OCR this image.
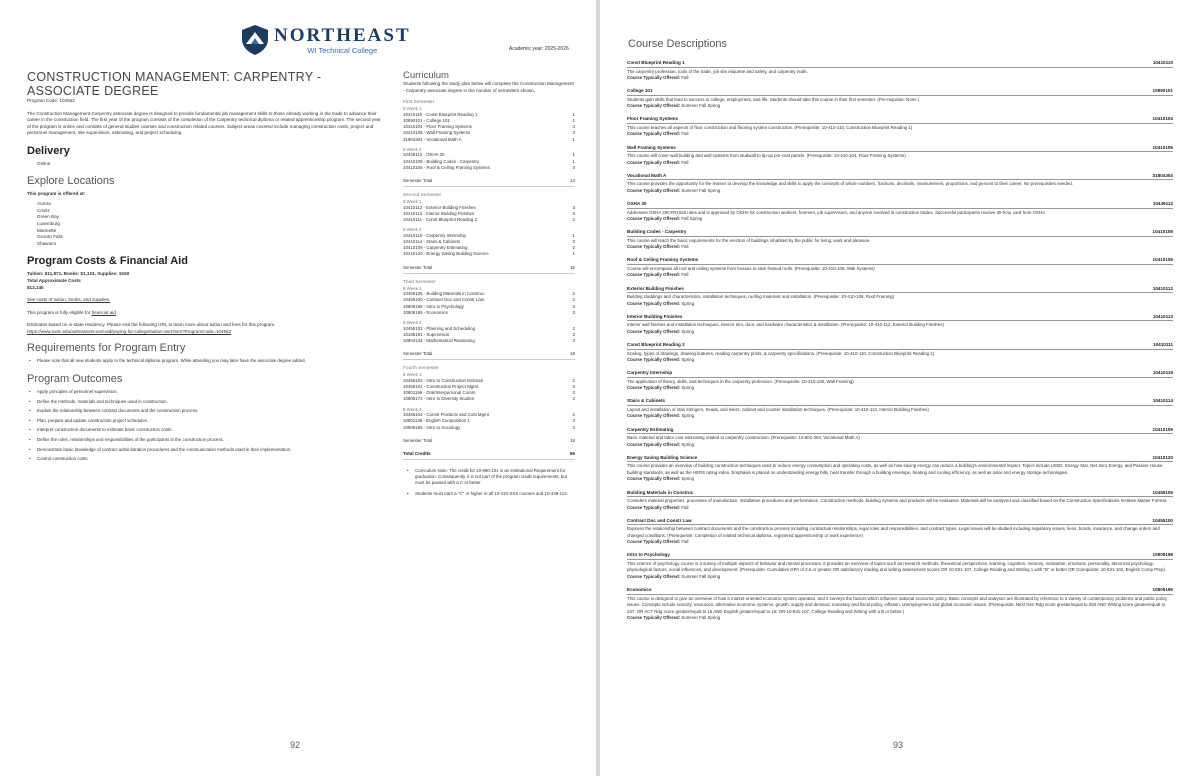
NORTHEAST
WI Technical College	Academic year: 2025-2026
CONSTRUCTION MANAGEMENT: CARPENTRY -
ASSOCIATE DEGREE
Program Code: 104552
The Construction Management-Carpentry associate degree is designed to provide fundamental job management skills to those already working in the trade to advance their career in the construction field. The first year of the program consists of the completion of the Carpentry technical diploma or related apprenticeship program. The second year of the program is online and consists of general studies courses and construction related courses. Subject areas covered include managing construction costs, project and personnel management, site supervision, estimating, and project scheduling.
Delivery
Online
Explore Locations
This program is offered at:
Aurora
Crivitz
Green Bay
Luxemburg
Marinette
Oconto Falls
Shawano
Program Costs & Financial Aid
Tuition: $11,871, Books: $1,124, Supplies: $150
Total Approximate Costs
$13,145
See costs of tuition, books, and supplies.
This program is fully eligible for financial aid.
Estimates based on in-state residency. Please visit the following URL to learn more about tuition and fees for this program.
https://www.nwtc.edu/admissions-and-aid/paying-for-college/tuition-and-fees?ProgramCode=104552
Requirements for Program Entry
• Please note that all new students apply to the technical diploma program. While attending you may later have the associate degree added.
Program Outcomes
• Apply principles of personnel supervision.
• Define the methods, materials and techniques used in construction.
• Explain the relationship between contract documents and the construction process.
• Plan, prepare and update construction project schedules.
• Interpret construction documents to estimate basic construction costs.
• Define the roles, relationships and responsibilities of the participants in the construction process.
• Demonstrate basic knowledge of contract administration procedures and the communication methods used in their implementation.
• Control construction costs.
Curriculum
Students following the study plan below will complete the Construction Management - Carpentry associate degree in the number of semesters shown.
First Semester
8 Week 1
10410110 - Const Blueprint Reading 1	1
10890101 - College 101	1
10410104 - Floor Framing Systems	3
10410105 - Wall Framing Systems	3
31804304 - Vocational Math A	1
8 Week 2
10449112 - OSHA 30	1
10410108 - Building Codes - Carpentry	1
10410106 - Roof & Ceiling Framing Systems	3
Semester Total	14
Second Semester
8 Week 1
10410112 - Exterior Building Finishes	3
10410113 - Interior Building Finishes	3
10410111 - Const Blueprint Reading 2	2
8 Week 2
10410115 - Carpentry Internship	1
10410114 - Stairs & Cabinets	3
10410109 - Carpentry Estimating	2
10410120 - Energy Saving Building Science	1
Semester Total	15
Third Semester
8 Week 1
10455105 - Building Materials in Construc	2
10455100 - Contract Doc and Constr Law	2
10809198 - Intro to Psychology	3
10809195 - Economics	3
8 Week 2
10455102 - Planning and Scheduling	2
10196191 - Supervision	3
10804134 - Mathematical Reasoning	3
Semester Total	18
Fourth Semester
8 Week 1
10455103 - Intro to Construction Estimati	2
10455101 - Construction Project Mgmt	2
10801196 - Oral/Interpersonal Comm	3
10809172 - Intro to Diversity Studies	3
8 Week 2
10455104 - Constr Productv and Cost Mgmt	2
10801136 - English Composition 1	3
10809196 - Intro to Sociology	3
Semester Total	18
Total Credits	65
• Curriculum Note: The credit for 10-890-101 is an Institutional Requirement for graduation. Consequently, it is not part of the program credit requirements, but must be passed with a C or better.
• Students must earn a "C" or higher in all 10-410-XXX courses and 10-449-112.
92
Course Descriptions
Const Blueprint Reading 1	10410110
The carpentry profession, tools of the trade, job site etiquette and safety, and carpentry math.
Course Typically Offered: Fall
College 101	10890101
Students gain skills that lead to success in college, employment, and life. Students should take this course in their first semester. (Pre-requisite: None.)
Course Typically Offered: Summer Fall Spring
Floor Framing Systems	10410104
This course teaches all aspects of floor construction and flooring system construction. (Prerequisite: 10-410-110, Construction Blueprint Reading 1)
Course Typically Offered: Fall
Wall Framing Systems	10410105
This course will cover wall building and wall systems from studwall to tip-up pre-cast panels. (Prerequisite: 10-410-104, Floor Framing Systems)
Course Typically Offered: Fall
Vocational Math A	31804304
This course provides the opportunity for the learner to develop the knowledge and skills to apply the concepts of whole numbers, fractions, decimals, measurement, proportions, and percent to their career. No prerequisites needed.
Course Typically Offered: Summer Fall Spring
OSHA 30	10449112
Addresses OSHA 29CFR1926 rules and is approved by OSHA for construction workers, foremen, job supervisors, and anyone involved in construction trades. Successful participants receive 30-hour card from OSHA.
Course Typically Offered: Fall Spring
Building Codes - Carpentry	10410108
This course will teach the basic requirements for the erection of buildings inhabited by the public for living, work and pleasure.
Course Typically Offered: Fall
Roof & Ceiling Framing Systems	10410106
Course will encompass all roof and ceiling systems from trusses to stick framed roofs. (Prerequisite: 10-410-105, Wall Systems)
Course Typically Offered: Fall
Exterior Building Finishes	10410112
Building claddings and characteristics, installation techniques, roofing materials and installation. (Prerequisite: 10-410-106, Roof Framing)
Course Typically Offered: Spring
Interior Building Finishes	10410113
Interior wall finishes and installation techniques, interior trim, door, and hardware characteristics & installation. (Prerequisite: 10-410-112, Exterior Building Finishes)
Course Typically Offered: Spring
Const Blueprint Reading 2	10410111
Scaling, types of drawings, drawing features, reading carpentry prints, & carpentry specifications. (Prerequisite: 10-410-110, Construction Blueprint Reading 1)
Course Typically Offered: Spring
Carpentry Internship	10410115
The application of theory, skills, and techniques in the carpentry profession. (Prerequisite: 10-410-105, Wall Framing)
Course Typically Offered: Spring
Stairs & Cabinets	10410114
Layout and installation of stair stringers, treads, and risers, cabinet and counter installation techniques. (Prerequisite: 10-410-113, Interior Building Finishes)
Course Typically Offered: Spring
Carpentry Estimating	10410109
Basic material and labor cost estimating related to carpentry construction. (Prerequisite: 10-804-304, Vocational Math A)
Course Typically Offered: Spring
Energy Saving Building Science	10410120
This course provides an overview of building construction techniques used to reduce energy consumption and operating costs, as well as how saving energy can reduce a building's environmental impact. Topics include LEED, Energy Star, Net Zero Energy, and Passive House building standards, as well as the HERS rating index. Emphasis is placed on understanding energy bills, heat transfer through a building envelope, heating and cooling efficiency, as well as solar and energy storage technologies.
Course Typically Offered: Spring
Building Materials in Construc	10455105
Considers material properties, processes of manufacture, installation procedures and performance. Construction methods, building systems and products will be evaluated. Materials will be analyzed and classified based on the Construction Specifications Institute Master Format.
Course Typically Offered: Fall
Contract Doc and Constr Law	10455100
Explores the relationship between contract documents and the construction process including contractual relationships, legal roles and responsibilities, and contract types. Legal issues will be studied including regulatory issues, liens, bonds, insurance, and change orders and changed conditions. (Prerequisite: Completion of related technical diploma, registered apprenticeship or work experience)
Course Typically Offered: Fall
Intro to Psychology	10809198
This science of psychology course is a survey of multiple aspects of behavior and mental processes. It provides an overview of topics such as research methods, theoretical perspectives, learning, cognition, memory, motivation, emotions, personality, abnormal psychology, physiological factors, social influences, and development. (Prerequisite: Cumulative GPA of 2.6 or greater OR satisfactory reading and writing assessment scores OR 10-831-107, College Reading and Writing 1 with "B" or better OR Corequisite: 10-831-102, English Comp Prep).
Course Typically Offered: Summer Fall Spring
Economics	10809195
This course is designed to give an overview of how a market-oriented economic system operates, and it surveys the factors which influence national economic policy. Basic concepts and analyses are illustrated by reference to a variety of contemporary problems and public policy issues. Concepts include scarcity, resources, alternative economic systems, growth, supply and demand, monetary and fiscal policy, inflation, unemployment and global economic issues. (Prerequisite: Next Gen Rdg score greater/equal to 250 AND Writing score greater/equal to 237, OR ACT Rdg score greater/equal to 16 AND English greater/equal to 15; OR 10-831-107, College Reading and Writing with a B or better.)
Course Typically Offered: Summer Fall Spring
93
